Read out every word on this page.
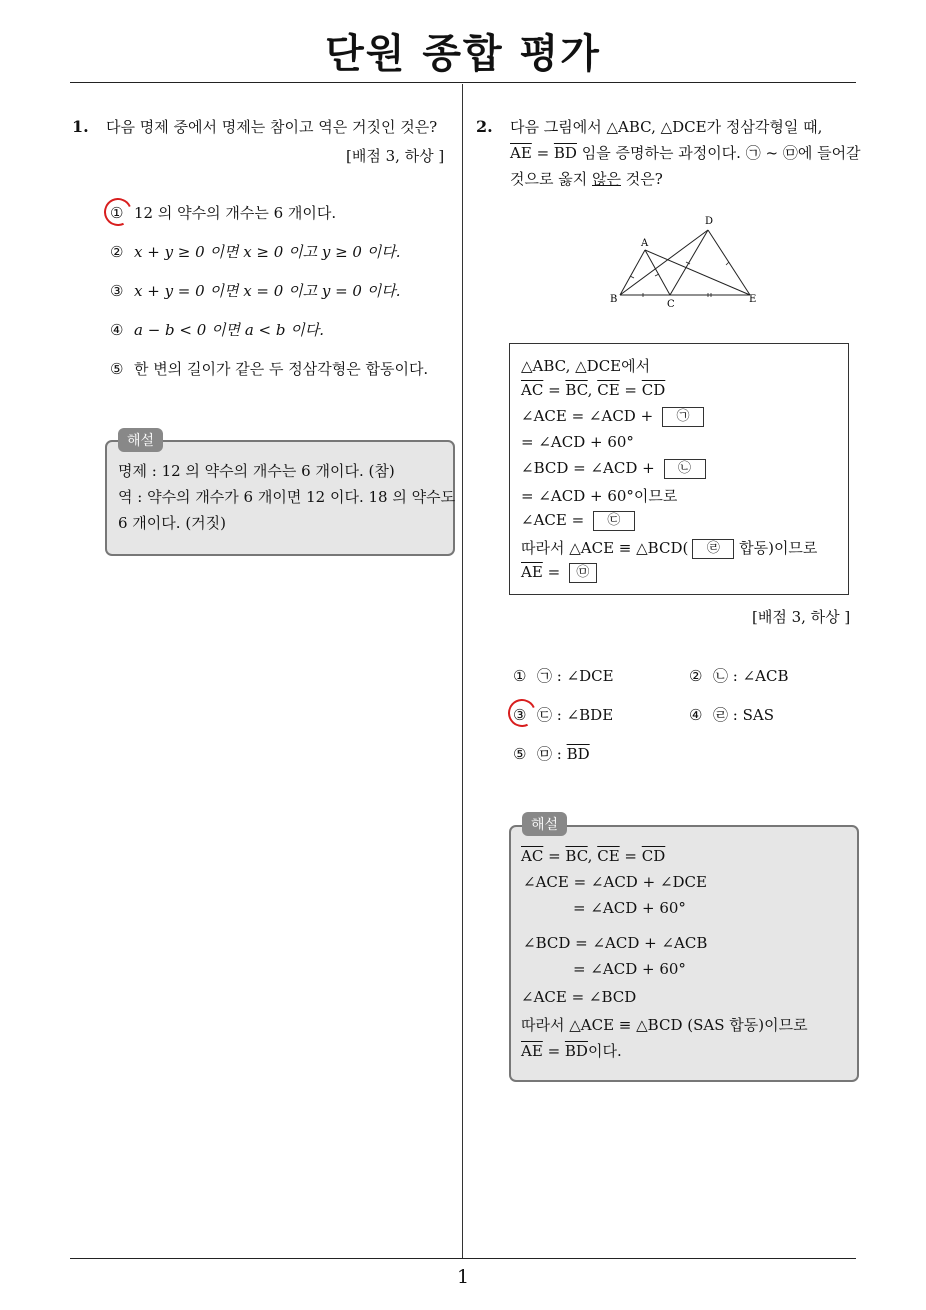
단원 종합 평가
1
1. 다음 명제 중에서 명제는 참이고 역은 거짓인 것은?
[배점 3, 하상 ]
① 12 의 약수의 개수는 6 개이다.
② x + y ≥ 0 이면 x ≥ 0 이고 y ≥ 0 이다.
③ x + y = 0 이면 x = 0 이고 y = 0 이다.
④ a − b < 0 이면 a < b 이다.
⑤ 한 변의 길이가 같은 두 정삼각형은 합동이다.
해설
명제 : 12 의 약수의 개수는 6 개이다. (참)
역 : 약수의 개수가 6 개이면 12 이다. 18 의 약수도
6 개이다. (거짓)
2. 다음 그림에서 △ABC, △DCE가 정삼각형일 때,
$\overline{AE} = \overline{BD}$ 임을 증명하는 과정이다. ㉠ ~ ㉤에 들어갈
것으로 옳지 않은 것은?
A
B	C
D
E
△ABC, △DCE에서
$\overline{AC} = \overline{BC}$, $\overline{CE} = \overline{CD}$
∠ACE = ∠ACD + ㉠
= ∠ACD + 60°
∠BCD = ∠ACD + ㉡
= ∠ACD + 60°이므로
∠ACE = ㉢
따라서 △ACE ≡ △BCD( ㉣ 합동)이므로
$\overline{AE}$ = ㉤
[배점 3, 하상 ]
① ㉠ : ∠DCE	② ㉡ : ∠ACB
③ ㉢ : ∠BDE	④ ㉣ : SAS
⑤ ㉤ : $\overline{BD}$
해설
$\overline{AC} = \overline{BC}$, $\overline{CE} = \overline{CD}$
∠ACE = ∠ACD + ∠DCE
= ∠ACD + 60°
∠BCD = ∠ACD + ∠ACB
= ∠ACD + 60°
∠ACE = ∠BCD
따라서 △ACE ≡ △BCD (SAS 합동)이므로
$\overline{AE} = \overline{BD}$이다.
